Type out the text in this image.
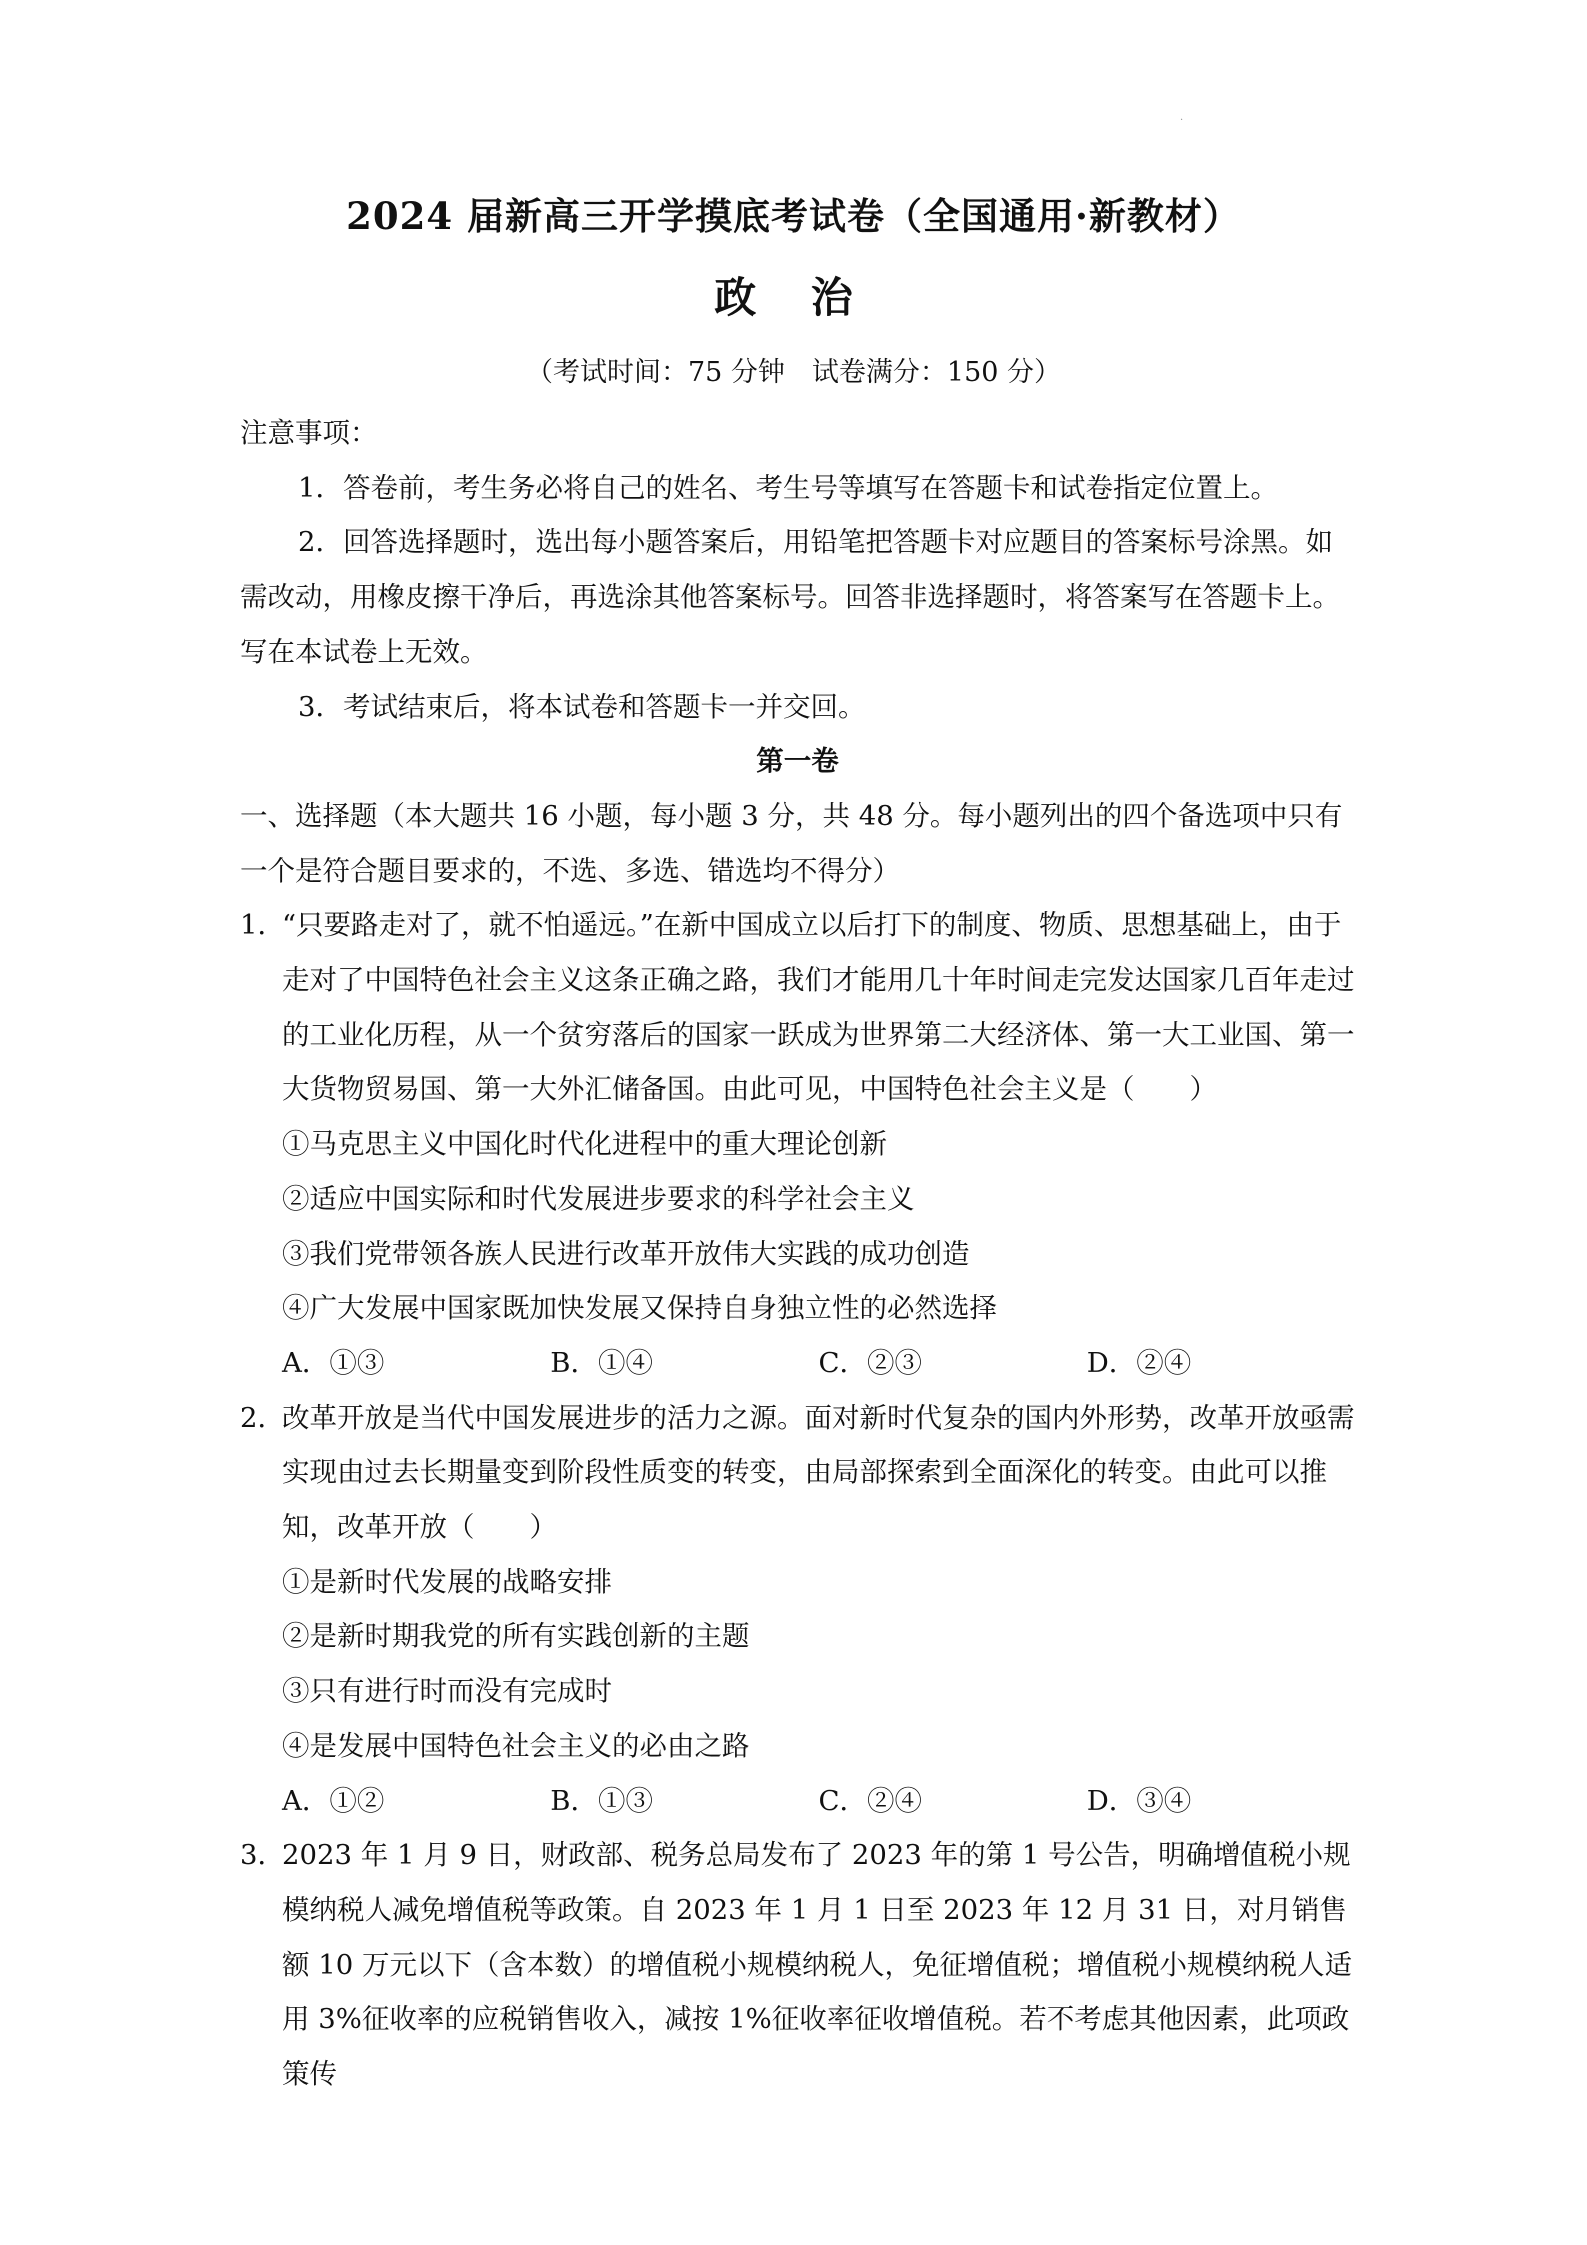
·
2024 届新高三开学摸底考试卷（全国通用·新教材）
政 治
（考试时间：75 分钟　试卷满分：150 分）

注意事项：

1．答卷前，考生务必将自己的姓名、考生号等填写在答题卡和试卷指定位置上。

2．回答选择题时，选出每小题答案后，用铅笔把答题卡对应题目的答案标号涂黑。如需改动，用橡皮擦干净后，再选涂其他答案标号。回答非选择题时，将答案写在答题卡上。写在本试卷上无效。

3．考试结束后，将本试卷和答题卡一并交回。

第一卷

一、选择题（本大题共 16 小题，每小题 3 分，共 48 分。每小题列出的四个备选项中只有一个是符合题目要求的，不选、多选、错选均不得分）

1．

“只要路走对了，就不怕遥远。”在新中国成立以后打下的制度、物质、思想基础上，由于走对了中国特色社会主义这条正确之路，我们才能用几十年时间走完发达国家几百年走过的工业化历程，从一个贫穷落后的国家一跃成为世界第二大经济体、第一大工业国、第一大货物贸易国、第一大外汇储备国。由此可见，中国特色社会主义是（　　）

①马克思主义中国化时代化进程中的重大理论创新

②适应中国实际和时代发展进步要求的科学社会主义

③我们党带领各族人民进行改革开放伟大实践的成功创造

④广大发展中国家既加快发展又保持自身独立性的必然选择

A．①③	B．①④	C．②③	D．②④
2．

改革开放是当代中国发展进步的活力之源。面对新时代复杂的国内外形势，改革开放亟需实现由过去长期量变到阶段性质变的转变，由局部探索到全面深化的转变。由此可以推知，改革开放（　　）

①是新时代发展的战略安排

②是新时期我党的所有实践创新的主题

③只有进行时而没有完成时

④是发展中国特色社会主义的必由之路

A．①②	B．①③	C．②④	D．③④
3．

2023 年 1 月 9 日，财政部、税务总局发布了 2023 年的第 1 号公告，明确增值税小规模纳税人减免增值税等政策。自 2023 年 1 月 1 日至 2023 年 12 月 31 日，对月销售额 10 万元以下（含本数）的增值税小规模纳税人，免征增值税；增值税小规模纳税人适用 3%征收率的应税销售收入，减按 1%征收率征收增值税。若不考虑其他因素，此项政策传
